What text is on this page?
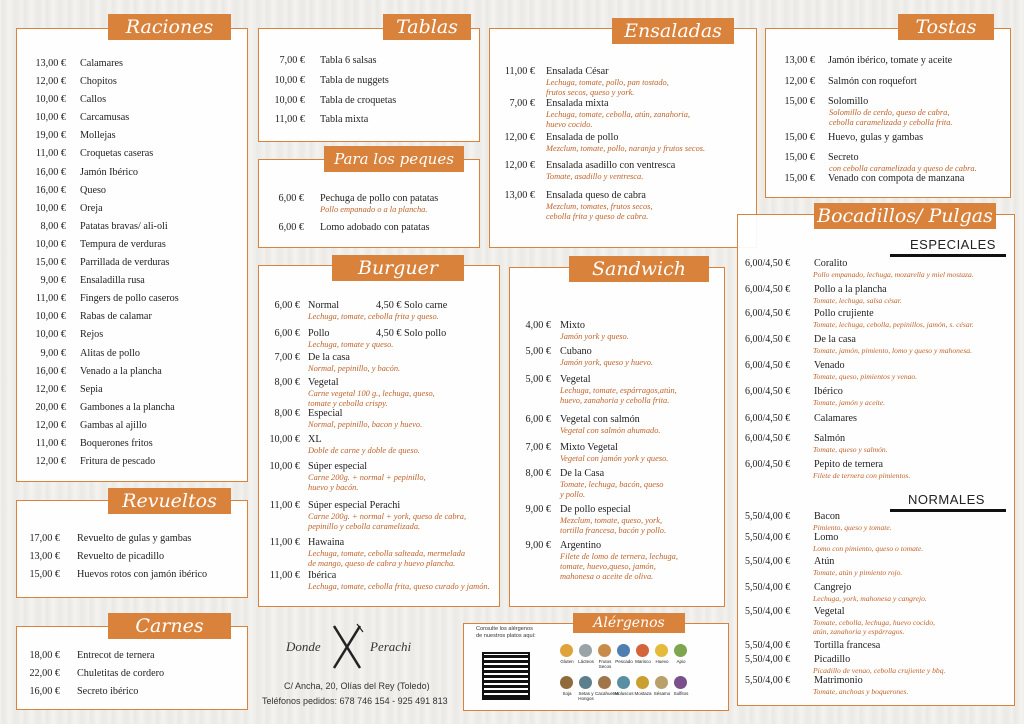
Raciones
13,00 € Calamares
12,00 € Chopitos
10,00 € Callos
10,00 € Carcamusas
19,00 € Mollejas
11,00 € Croquetas caseras
16,00 € Jamón Ibérico
16,00 € Queso
10,00 € Oreja
8,00 € Patatas bravas/ ali-oli
10,00 € Tempura de verduras
15,00 € Parrillada de verduras
9,00 € Ensaladilla rusa
11,00 € Fingers de pollo caseros
10,00 € Rabas de calamar
10,00 € Rejos
9,00 € Alitas de pollo
16,00 € Venado a la plancha
12,00 € Sepia
20,00 € Gambones a la plancha
12,00 € Gambas al ajillo
11,00 € Boquerones fritos
12,00 € Fritura de pescado
Revueltos
17,00 € Revuelto de gulas y gambas
13,00 € Revuelto de picadillo
15,00 € Huevos rotos con jamón ibérico
Carnes
18,00 € Entrecot de ternera
22,00 € Chuletitas de cordero
16,00 € Secreto ibérico
Tablas
7,00 € Tabla 6 salsas
10,00 € Tabla de nuggets
10,00 € Tabla de croquetas
11,00 € Tabla mixta
Para los peques
6,00 € Pechuga de pollo con patatas
Pollo empanado o a la plancha.
6,00 € Lomo adobado con patatas
Burguer
6,00 € Normal	4,50 € Solo carne
Lechuga, tomate, cebolla frita y queso.
6,00 € Pollo	4,50 € Solo pollo
Lechuga, tomate y queso.
7,00 € De la casa
Normal, pepinillo, y bacón.
8,00 € Vegetal
Carne vegetal 100 g., lechuga, queso,
tomate y cebolla crispy.
8,00 € Especial
Normal, pepinillo, bacon y huevo.
10,00 € XL
Doble de carne y doble de queso.
10,00 € Súper especial
Carne 200g. + normal + pepinillo,
huevo y bacón.
11,00 € Súper especial Perachi
Carne 200g. + normal + york, queso de cabra,
pepinillo y cebolla caramelizada.
11,00 € Hawaina
Lechuga, tomate, cebolla salteada, mermelada
de mango, queso de cabra y huevo plancha.
11,00 € Ibérica
Lechuga, tomate, cebolla frita, queso curado y jamón.
Ensaladas
11,00 € Ensalada César
Lechuga, tomate, pollo, pan tostado,
frutos secos, queso y york.
7,00 € Ensalada mixta
Lechuga, tomate, cebolla, atún, zanahoria,
huevo cocido.
12,00 € Ensalada de pollo
Mezclum, tomate, pollo, naranja y frutos secos.
12,00 € Ensalada asadillo con ventresca
Tomate, asadillo y ventresca.
13,00 € Ensalada queso de cabra
Mezclum, tomates, frutos secos,
cebolla frita y queso de cabra.
Sandwich
4,00 € Mixto
Jamón york y queso.
5,00 € Cubano
Jamón york, queso y huevo.
5,00 € Vegetal
Lechuga, tomate, espárragos,atún,
huevo, zanahoria y cebolla frita.
6,00 € Vegetal con salmón
Vegetal con salmón ahumado.
7,00 € Mixto Vegetal
Vegetal con jamón york y queso.
8,00 € De la Casa
Tomate, lechuga, bacón, queso
y pollo.
9,00 € De pollo especial
Mezclum, tomate, queso, york,
tortilla francesa, bacón y pollo.
9,00 € Argentino
Filete de lomo de ternera, lechuga,
tomate, huevo,queso, jamón,
mahonesa o aceite de oliva.
Tostas
13,00 € Jamón ibérico, tomate y aceite
12,00 € Salmón con roquefort
15,00 € Solomillo
Solomillo de cerdo, queso de cabra,
cebolla caramelizada y cebolla frita.
15,00 € Huevo, gulas y gambas
15,00 € Secreto
con cebolla caramelizada y queso de cabra.
15,00 € Venado con compota de manzana
Bocadillos/ Pulgas
ESPECIALES
6,00/4,50 € Coralito
Pollo empanado, lechuga, mozarella y miel mostaza.
6,00/4,50 € Pollo a la plancha
Tomate, lechuga, salsa césar.
6,00/4,50 € Pollo crujiente
Tomate, lechuga, cebolla, pepinillos, jamón, s. césar.
6,00/4,50 € De la casa
Tomate, jamón, pimiento, lomo y queso y mahonesa.
6,00/4,50 € Venado
Tomate, queso, pimientos y venao.
6,00/4,50 € Ibérico
Tomate, jamón y aceite.
6,00/4,50 € Calamares
6,00/4,50 € Salmón
Tomate, queso y salmón.
6,00/4,50 € Pepito de ternera
Filete de ternera con pimientos.
NORMALES
5,50/4,00 € Bacon
Pimiento, queso y tomate.
5,50/4,00 € Lomo
Lomo con pimiento, queso o tomate.
5,50/4,00 € Atún
Tomate, atún y pimiento rojo.
5,50/4,00 € Cangrejo
Lechuga, york, mahonesa y cangrejo.
5,50/4,00 € Vegetal
Tomate, cebolla, lechuga, huevo cocido,
atún, zanahoria y espárragos.
5,50/4,00 € Tortilla francesa
5,50/4,00 € Picadillo
Picadillo de venao, cebolla crujiente y bbq.
5,50/4,00 € Matrimonio
Tomate, anchoas y boquerones.
Donde	Perachi
C/ Ancha, 20, Olías del Rey (Toledo)
Teléfonos pedidos: 678 746 154 - 925 491 813
Alérgenos
Consulte los alérgenos
de nuestros platos aquí:
Gluten Lácteos	Frutos Secos
Pescado Marisco	Huevo	Apio
Soja	Setas y Hongos
Cacahuetes
Moluscos Mostaza Sésamo Sulfitos
